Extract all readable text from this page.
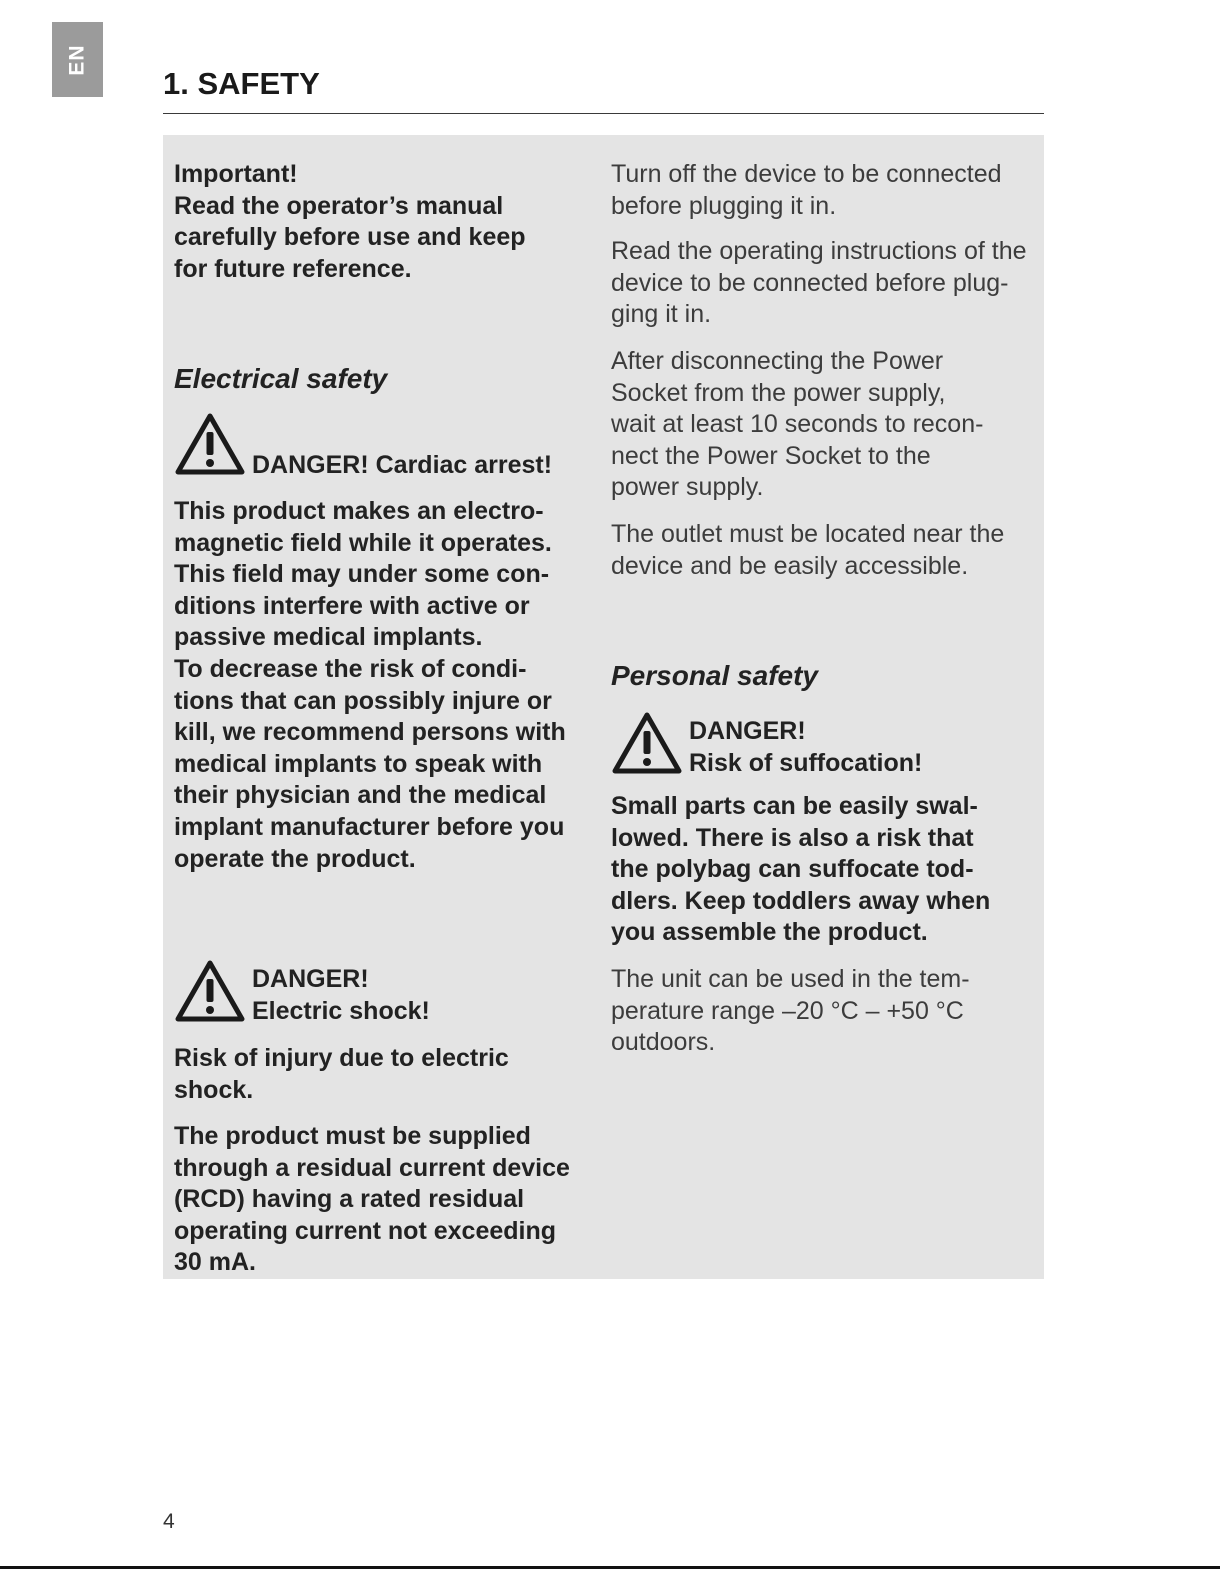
EN
1. SAFETY
Important!
Read the operator’s manual
carefully before use and keep
for future reference.
Electrical safety
DANGER! Cardiac arrest!
This product makes an electro-
magnetic field while it operates.
This field may under some con-
ditions interfere with active or
passive medical implants.
To decrease the risk of condi-
tions that can possibly injure or
kill, we recommend persons with
medical implants to speak with
their physician and the medical
implant manufacturer before you
operate the product.
DANGER!
Electric shock!
Risk of injury due to electric
shock.
The product must be supplied
through a residual current device
(RCD) having a rated residual
operating current not exceeding
30 mA.
Turn off the device to be connected
before plugging it in.
Read the operating instructions of the
device to be connected before plug-
ging it in.
After disconnecting the Power
Socket from the power supply,
wait at least 10 seconds to recon-
nect the Power Socket to the
power supply.
The outlet must be located near the
device and be easily accessible.
Personal safety
DANGER!
Risk of suffocation!
Small parts can be easily swal-
lowed. There is also a risk that
the polybag can suffocate tod-
dlers. Keep toddlers away when
you assemble the product.
The unit can be used in the tem-
perature range –20 °C – +50 °C
outdoors.
4
